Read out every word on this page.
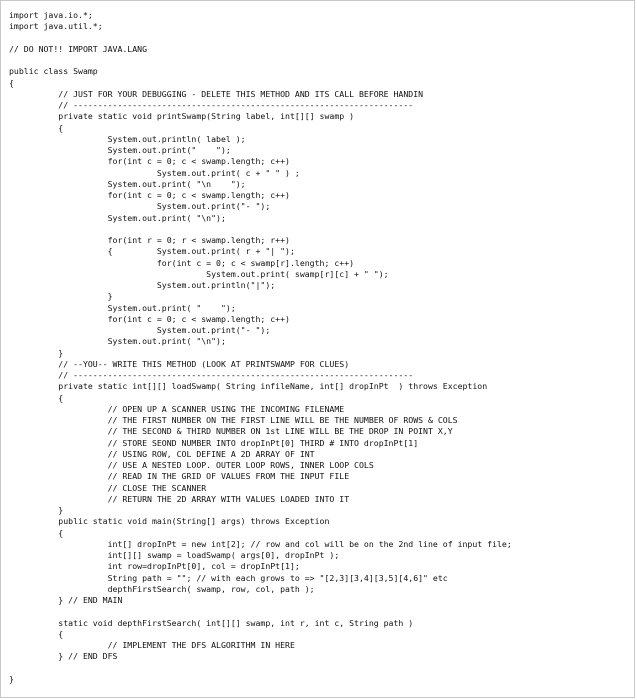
import java.io.*;
import java.util.*;
// DO NOT!! IMPORT JAVA.LANG
public class Swamp
{
// JUST FOR YOUR DEBUGGING - DELETE THIS METHOD AND ITS CALL BEFORE HANDIN
// ---------------------------------------------------------------------
private static void printSwamp(String label, int[][] swamp )
{
System.out.println( label );
System.out.print("    ");
for(int c = 0; c < swamp.length; c++)
System.out.print( c + " " ) ;
System.out.print( "\n    ");
for(int c = 0; c < swamp.length; c++)
System.out.print("- ");
System.out.print( "\n");
for(int r = 0; r < swamp.length; r++)
{         System.out.print( r + "| ");
for(int c = 0; c < swamp[r].length; c++)
System.out.print( swamp[r][c] + " ");
System.out.println("|");
}
System.out.print( "    ");
for(int c = 0; c < swamp.length; c++)
System.out.print("- ");
System.out.print( "\n");
}
// --YOU-- WRITE THIS METHOD (LOOK AT PRINTSWAMP FOR CLUES)
// ---------------------------------------------------------------------
private static int[][] loadSwamp( String infileName, int[] dropInPt  ) throws Exception
{
// OPEN UP A SCANNER USING THE INCOMING FILENAME
// THE FIRST NUMBER ON THE FIRST LINE WILL BE THE NUMBER OF ROWS & COLS
// THE SECOND & THIRD NUMBER ON 1st LINE WILL BE THE DROP IN POINT X,Y
// STORE SEOND NUMBER INTO dropInPt[0] THIRD # INTO dropInPt[1]
// USING ROW, COL DEFINE A 2D ARRAY OF INT
// USE A NESTED LOOP. OUTER LOOP ROWS, INNER LOOP COLS
// READ IN THE GRID OF VALUES FROM THE INPUT FILE
// CLOSE THE SCANNER
// RETURN THE 2D ARRAY WITH VALUES LOADED INTO IT
}
public static void main(String[] args) throws Exception
{
int[] dropInPt = new int[2]; // row and col will be on the 2nd line of input file;
int[][] swamp = loadSwamp( args[0], dropInPt );
int row=dropInPt[0], col = dropInPt[1];
String path = ""; // with each grows to => "[2,3][3,4][3,5][4,6]" etc
depthFirstSearch( swamp, row, col, path );
} // END MAIN
static void depthFirstSearch( int[][] swamp, int r, int c, String path )
{
// IMPLEMENT THE DFS ALGORITHM IN HERE
} // END DFS
}
